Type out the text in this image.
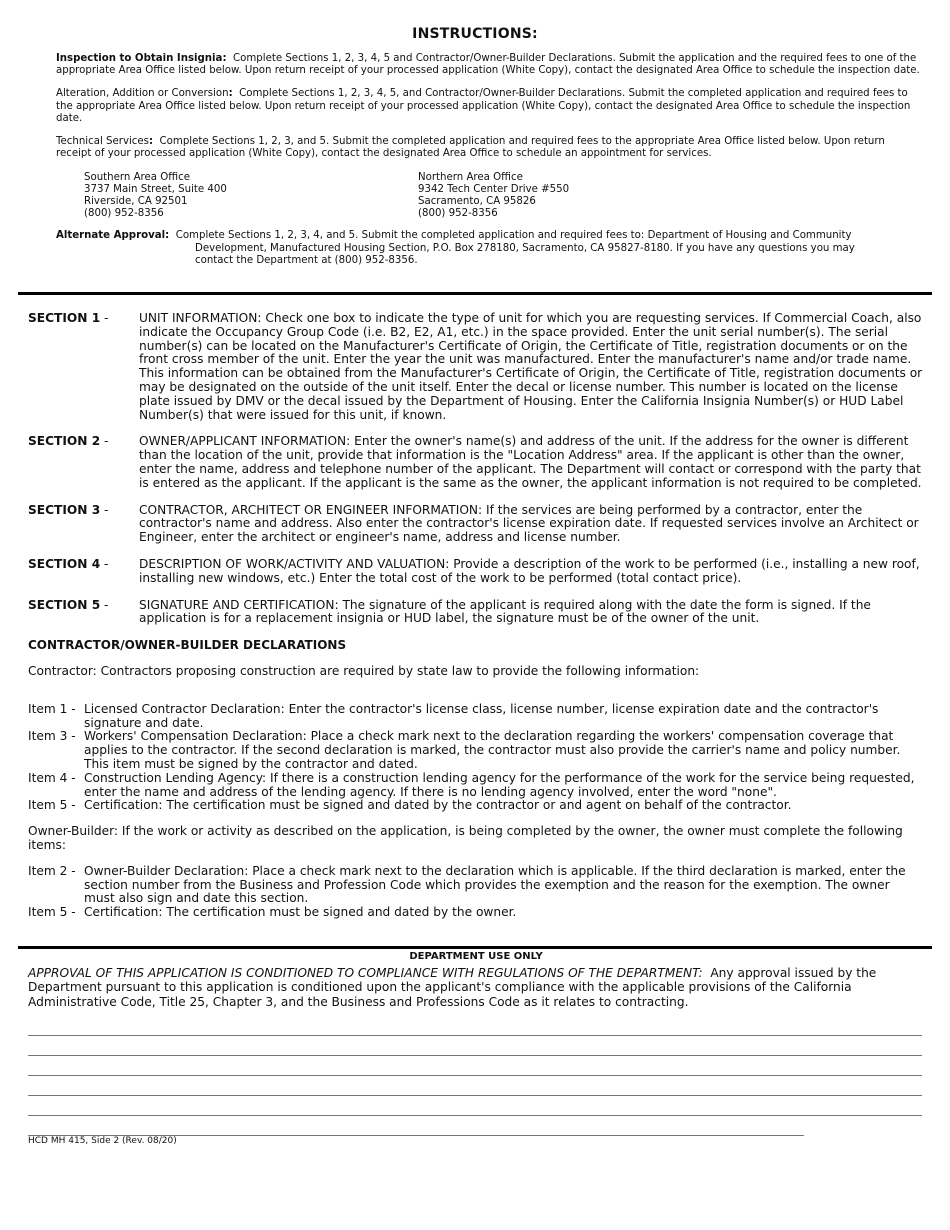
INSTRUCTIONS:

Inspection to Obtain Insignia: Complete Sections 1, 2, 3, 4, 5 and Contractor/Owner-Builder Declarations. Submit the application and the required fees to one of the appropriate Area Office listed below. Upon return receipt of your processed application (White Copy), contact the designated Area Office to schedule the inspection date.

Alteration, Addition or Conversion: Complete Sections 1, 2, 3, 4, 5, and Contractor/Owner-Builder Declarations. Submit the completed application and required fees to the appropriate Area Office listed below. Upon return receipt of your processed application (White Copy), contact the designated Area Office to schedule the inspection date.

Technical Services: Complete Sections 1, 2, 3, and 5. Submit the completed application and required fees to the appropriate Area Office listed below. Upon return receipt of your processed application (White Copy), contact the designated Area Office to schedule an appointment for services.

Southern Area Office
3737 Main Street, Suite 400
Riverside, CA 92501
(800) 952-8356
Northern Area Office
9342 Tech Center Drive #550
Sacramento, CA 95826
(800) 952-8356
Alternate Approval: Complete Sections 1, 2, 3, 4, and 5. Submit the completed application and required fees to: Department of Housing and Community
Development, Manufactured Housing Section, P.O. Box 278180, Sacramento, CA 95827-8180. If you have any questions you may
contact the Department at (800) 952-8356.
SECTION 1 -	UNIT INFORMATION: Check one box to indicate the type of unit for which you are requesting services. If Commercial Coach, also indicate the Occupancy Group Code (i.e. B2, E2, A1, etc.) in the space provided. Enter the unit serial number(s). The serial number(s) can be located on the Manufacturer's Certificate of Origin, the Certificate of Title, registration documents or on the front cross member of the unit. Enter the year the unit was manufactured. Enter the manufacturer's name and/or trade name. This information can be obtained from the Manufacturer's Certificate of Origin, the Certificate of Title, registration documents or may be designated on the outside of the unit itself. Enter the decal or license number. This number is located on the license plate issued by DMV or the decal issued by the Department of Housing. Enter the California Insignia Number(s) or HUD Label Number(s) that were issued for this unit, if known.
SECTION 2 -	OWNER/APPLICANT INFORMATION: Enter the owner's name(s) and address of the unit. If the address for the owner is different than the location of the unit, provide that information is the "Location Address" area. If the applicant is other than the owner, enter the name, address and telephone number of the applicant. The Department will contact or correspond with the party that is entered as the applicant. If the applicant is the same as the owner, the applicant information is not required to be completed.
SECTION 3 -	CONTRACTOR, ARCHITECT OR ENGINEER INFORMATION: If the services are being performed by a contractor, enter the contractor's name and address. Also enter the contractor's license expiration date. If requested services involve an Architect or Engineer, enter the architect or engineer's name, address and license number.
SECTION 4 -	DESCRIPTION OF WORK/ACTIVITY AND VALUATION: Provide a description of the work to be performed (i.e., installing a new roof, installing new windows, etc.) Enter the total cost of the work to be performed (total contact price).
SECTION 5 -	SIGNATURE AND CERTIFICATION: The signature of the applicant is required along with the date the form is signed. If the application is for a replacement insignia or HUD label, the signature must be of the owner of the unit.
CONTRACTOR/OWNER-BUILDER DECLARATIONS
Contractor: Contractors proposing construction are required by state law to provide the following information:
Item 1 - Licensed Contractor Declaration: Enter the contractor's license class, license number, license expiration date and the contractor's signature and date.
Item 3 - Workers' Compensation Declaration: Place a check mark next to the declaration regarding the workers' compensation coverage that applies to the contractor. If the second declaration is marked, the contractor must also provide the carrier's name and policy number. This item must be signed by the contractor and dated.
Item 4 - Construction Lending Agency: If there is a construction lending agency for the performance of the work for the service being requested, enter the name and address of the lending agency. If there is no lending agency involved, enter the word "none".
Item 5 - Certification: The certification must be signed and dated by the contractor or and agent on behalf of the contractor.
Owner-Builder: If the work or activity as described on the application, is being completed by the owner, the owner must complete the following items:
Item 2 - Owner-Builder Declaration: Place a check mark next to the declaration which is applicable. If the third declaration is marked, enter the section number from the Business and Profession Code which provides the exemption and the reason for the exemption. The owner must also sign and date this section.
Item 5 - Certification: The certification must be signed and dated by the owner.
DEPARTMENT USE ONLY
APPROVAL OF THIS APPLICATION IS CONDITIONED TO COMPLIANCE WITH REGULATIONS OF THE DEPARTMENT: Any approval issued by the Department pursuant to this application is conditioned upon the applicant's compliance with the applicable provisions of the California Administrative Code, Title 25, Chapter 3, and the Business and Professions Code as it relates to contracting.
HCD MH 415, Side 2 (Rev. 08/20)
